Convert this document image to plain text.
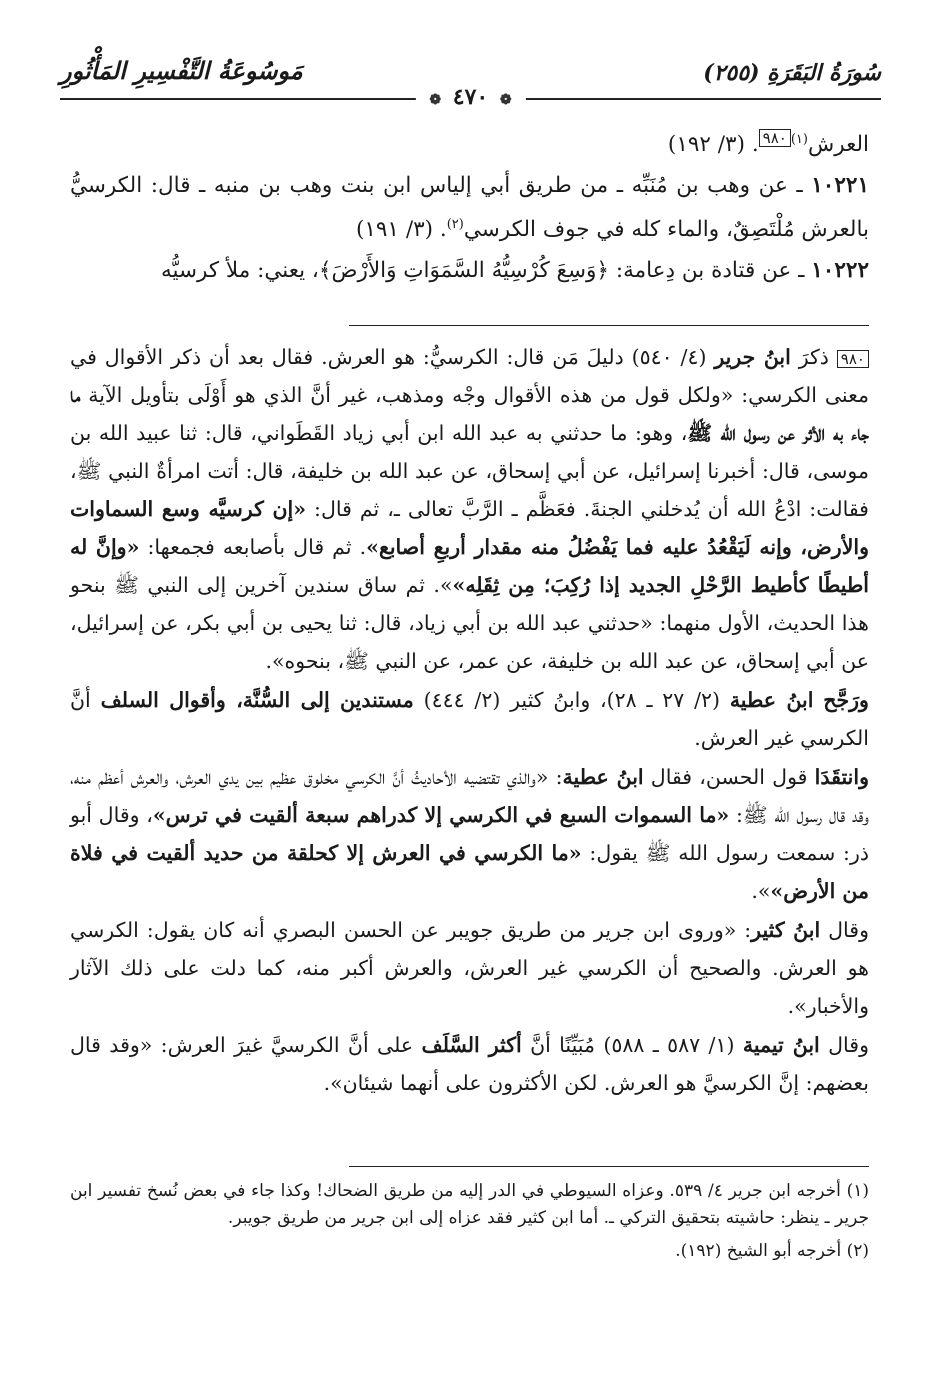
سُورَةُ البَقَرَةِ (٢٥٥)
مَوسُوعَةُ التَّفْسِيرِ المَأْثُورِ
❁ ٤٧٠ ❁

العرش$^{(١)}$٩٨٠. (٣/ ١٩٢)

١٠٢٢١ ـ عن وهب بن مُنَبِّه ـ من طريق أبي إلياس ابن بنت وهب بن منبه ـ قال: الكرسيُّ بالعرش مُلْتَصِقٌ، والماء كله في جوف الكرسي$^{(٢)}$. (٣/ ١٩١)

١٠٢٢٢ ـ عن قتادة بن دِعامة: ﴿وَسِعَ كُرْسِيُّهُ السَّمَوَاتِ وَالأَرْضَ﴾، يعني: ملأ كرسيُّه

٩٨٠ ذكرَ ابنُ جرير (٤/ ٥٤٠) دليلَ مَن قال: الكرسيُّ: هو العرش. فقال بعد أن ذكر الأقوال في معنى الكرسي: «ولكل قول من هذه الأقوال وجْه ومذهب، غير أنَّ الذي هو أَوْلَى بتأويل الآية ما جاء به الأثر عن رسول الله ﷺ، وهو: ما حدثني به عبد الله ابن أبي زياد القَطَواني، قال: ثنا عبيد الله بن موسى، قال: أخبرنا إسرائيل، عن أبي إسحاق، عن عبد الله بن خليفة، قال: أتت امرأةٌ النبي ﷺ، فقالت: ادْعُ الله أن يُدخلني الجنةَ. فعَظَّم ـ الرَّبَّ تعالى ـ، ثم قال: «إن كرسيَّه وسع السماوات والأرض، وإنه لَيَقْعُدُ عليه فما يَفْضُلُ منه مقدار أربعِ أصابع». ثم قال بأصابعه فجمعها: «وإنَّ له أطيطًا كأطيط الرَّحْلِ الجديد إذا رُكِبَ؛ مِن ثِقَلِه»». ثم ساق سندين آخرين إلى النبي ﷺ بنحو هذا الحديث، الأول منهما: «حدثني عبد الله بن أبي زياد، قال: ثنا يحيى بن أبي بكر، عن إسرائيل، عن أبي إسحاق، عن عبد الله بن خليفة، عن عمر، عن النبي ﷺ، بنحوه».

ورَجَّح ابنُ عطية (٢/ ٢٧ ـ ٢٨)، وابنُ كثير (٢/ ٤٤٤) مستندين إلى السُّنَّة، وأقوال السلف أنَّ الكرسي غير العرش.

وانتقَدَا قول الحسن، فقال ابنُ عطية: «والذي تقتضيه الأحاديثُ أنَّ الكرسي مخلوق عظيم بين يدي العرش، والعرش أعظم منه، وقد قال رسول الله ﷺ: «ما السموات السبع في الكرسي إلا كدراهم سبعة ألقيت في ترس»، وقال أبو ذر: سمعت رسول الله ﷺ يقول: «ما الكرسي في العرش إلا كحلقة من حديد ألقيت في فلاة من الأرض»».

وقال ابنُ كثير: «وروى ابن جرير من طريق جويبر عن الحسن البصري أنه كان يقول: الكرسي هو العرش. والصحيح أن الكرسي غير العرش، والعرش أكبر منه، كما دلت على ذلك الآثار والأخبار».

وقال ابنُ تيمية (١/ ٥٨٧ ـ ٥٨٨) مُبَيِّنًا أنَّ أكثر السَّلَف على أنَّ الكرسيَّ غيرَ العرش: «وقد قال بعضهم: إنَّ الكرسيَّ هو العرش. لكن الأكثرون على أنهما شيئان».

(١) أخرجه ابن جرير ٤/ ٥٣٩. وعزاه السيوطي في الدر إليه من طريق الضحاك! وكذا جاء في بعض نُسخ تفسير ابن جرير ـ ينظر: حاشيته بتحقيق التركي ـ. أما ابن كثير فقد عزاه إلى ابن جرير من طريق جويبر.

(٢) أخرجه أبو الشيخ (١٩٢).
